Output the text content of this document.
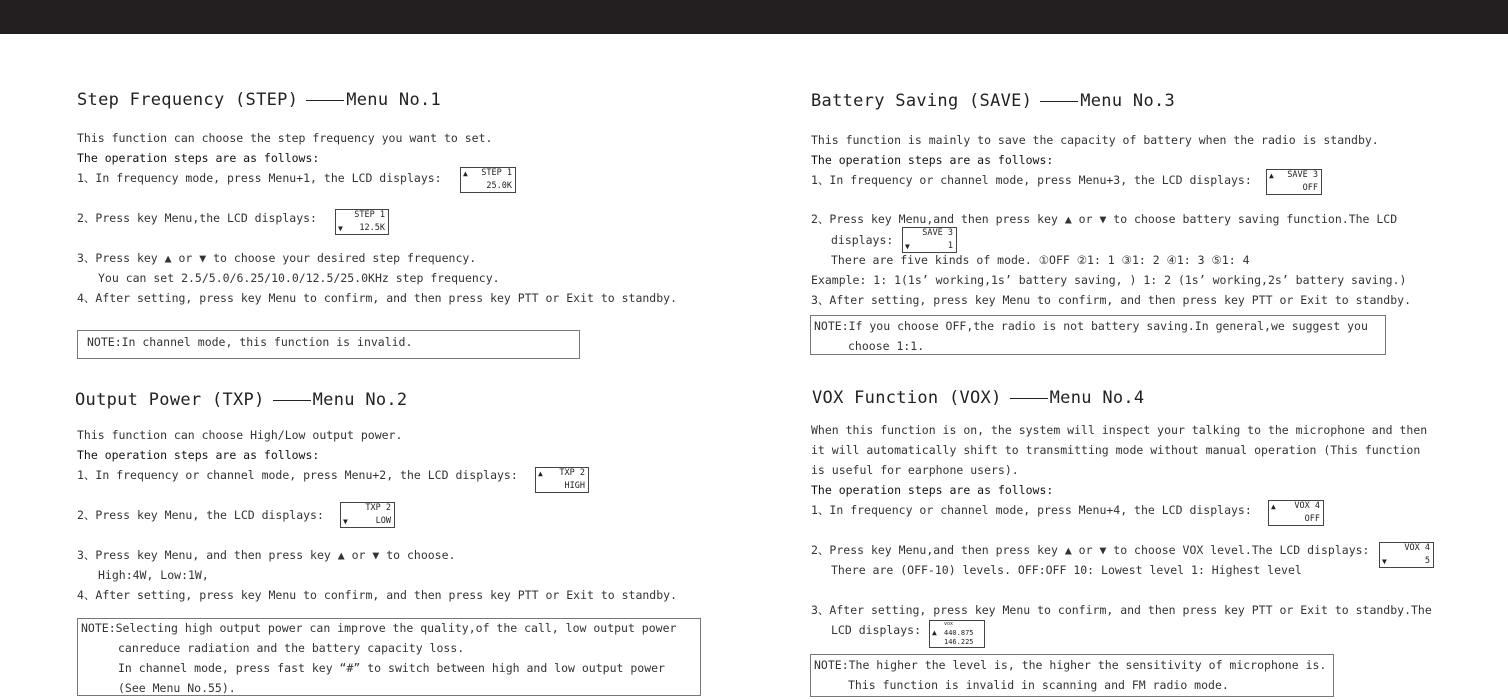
Step Frequency (STEP)	Menu No.1
This function can choose the step frequency you want to set.
The operation steps are as follows:
1、In frequency mode, press Menu+1, the LCD displays:	▲ STEP 1
25.0K
2、Press key Menu,the LCD displays:	STEP 1
▼ 12.5K
3、Press key ▲ or ▼ to choose your desired step frequency.
You can set 2.5/5.0/6.25/10.0/12.5/25.0KHz step frequency.
4、After setting, press key Menu to confirm, and then press key PTT or Exit to standby.
NOTE:In channel mode, this function is invalid.
Output Power (TXP)	Menu No.2
This function can choose High/Low output power.
The operation steps are as follows:
1、In frequency or channel mode, press Menu+2, the LCD displays:	▲ TXP 2
HIGH
2、Press key Menu, the LCD displays:	TXP 2
▼	LOW
3、Press key Menu, and then press key ▲ or ▼ to choose.
High:4W, Low:1W,
4、After setting, press key Menu to confirm, and then press key PTT or Exit to standby.
NOTE:Selecting high output power can improve the quality,of the call, low output power
canreduce radiation and the battery capacity loss.
In channel mode, press fast key “#” to switch between high and low output power
(See Menu No.55).
Battery Saving (SAVE)	Menu No.3
This function is mainly to save the capacity of battery when the radio is standby.
The operation steps are as follows:
1、In frequency or channel mode, press Menu+3, the LCD displays: ▲ SAVE 3
OFF
2、Press key Menu,and then press key ▲ or ▼ to choose battery saving function.The LCD
displays:	SAVE 3
▼	1
There are five kinds of mode. ①OFF ②1: 1 ③1: 2 ④1: 3 ⑤1: 4
Example: 1: 1(1s’ working,1s’ battery saving, ) 1: 2 (1s’ working,2s’ battery saving.)
3、After setting, press key Menu to confirm, and then press key PTT or Exit to standby.
NOTE:If you choose OFF,the radio is not battery saving.In general,we suggest you
choose 1:1.
VOX Function (VOX)	Menu No.4
When this function is on, the system will inspect your talking to the microphone and then
it will automatically shift to transmitting mode without manual operation (This function
is useful for earphone users).
The operation steps are as follows:
1、In frequency or channel mode, press Menu+4, the LCD displays: ▲ VOX 4
OFF
2、Press key Menu,and then press key ▲ or ▼ to choose VOX level.The LCD displays:	VOX 4
▼	5
There are (OFF-10) levels. OFF:OFF 10: Lowest level 1: Highest level
3、After setting, press key Menu to confirm, and then press key PTT or Exit to standby.The
LCD displays: ▲
vox
440.875
146.225
NOTE:The higher the level is, the higher the sensitivity of microphone is.
This function is invalid in scanning and FM radio mode.
